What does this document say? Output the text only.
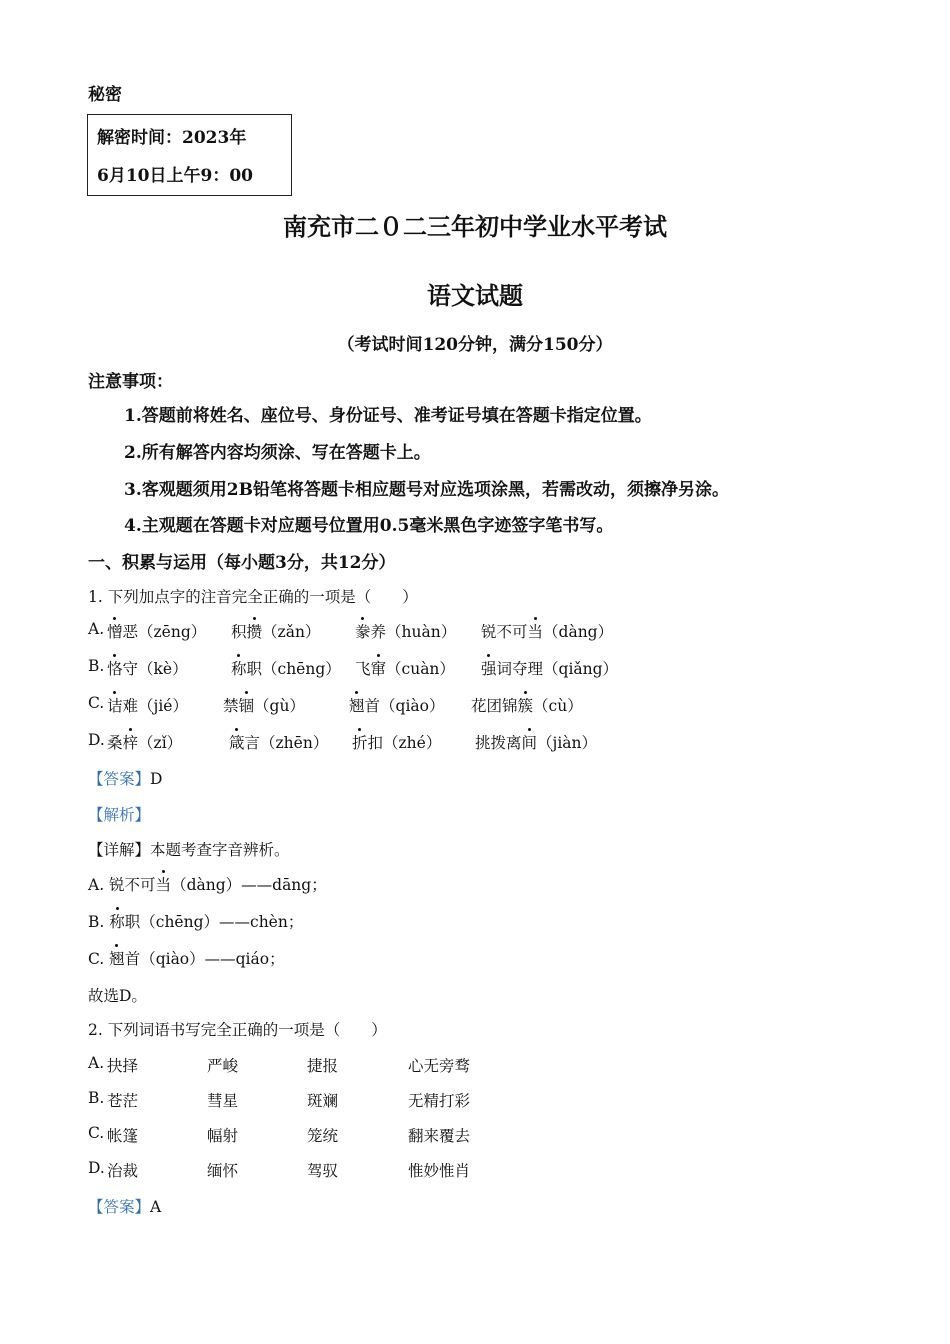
秘密
解密时间：2023年
6月10日上午9：00
南充市二０二三年初中学业水平考试
语文试题
（考试时间120分钟，满分150分）
注意事项：
1.答题前将姓名、座位号、身份证号、准考证号填在答题卡指定位置。
2.所有解答内容均须涂、写在答题卡上。
3.客观题须用2B铅笔将答题卡相应题号对应选项涂黑，若需改动，须擦净另涂。
4.主观题在答题卡对应题号位置用0.5毫米黑色字迹签字笔书写。
一、积累与运用（每小题3分，共12分）
1. 下列加点字的注音完全正确的一项是（　　）
A. 憎恶（zēng） 积攒（zǎn） 豢养（huàn） 锐不可当（dàng）
B. 恪守（kè）	称职（chēng） 飞窜（cuàn） 强词夺理（qiǎng）
C. 诘难（jié） 禁锢（gù）	翘首（qiào） 花团锦簇（cù）
D. 桑梓（zǐ）	箴言（zhēn） 折扣（zhé） 挑拨离间（jiàn）
【答案】D
【解析】
【详解】本题考查字音辨析。
A. 锐不可当（dàng）——dāng；
B. 称职（chēng）——chèn；
C. 翘首（qiào）——qiáo；
故选D。
2. 下列词语书写完全正确的一项是（　　）
A. 抉择	严峻	捷报	心无旁骛
B. 苍茫	彗星	斑斓	无精打彩
C. 帐篷	幅射	笼统	翻来覆去
D. 治裁	缅怀	驾驭	惟妙惟肖
【答案】A
